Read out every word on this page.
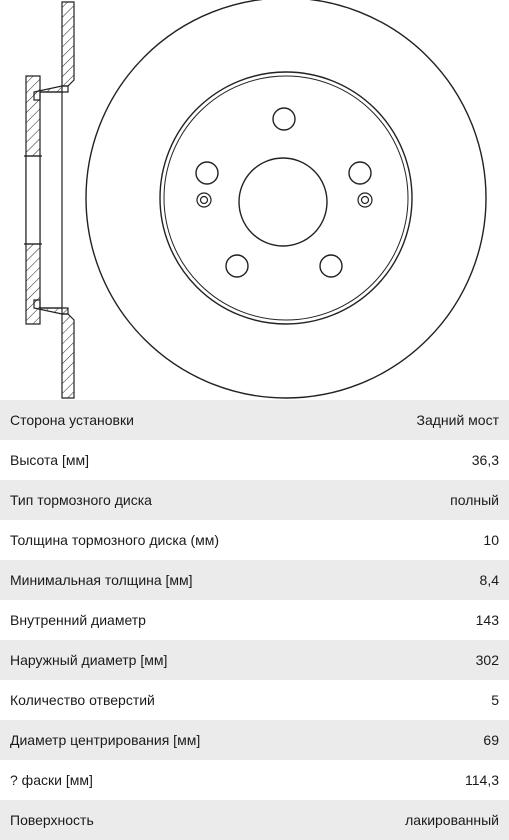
Сторона установки	Задний мост
Высота [мм]	36,3
Тип тормозного диска	полный
Толщина тормозного диска (мм)	10
Минимальная толщина [мм]	8,4
Внутренний диаметр	143
Наружный диаметр [мм]	302
Количество отверстий	5
Диаметр центрирования [мм]	69
? фаски [мм]	114,3
Поверхность	лакированный
